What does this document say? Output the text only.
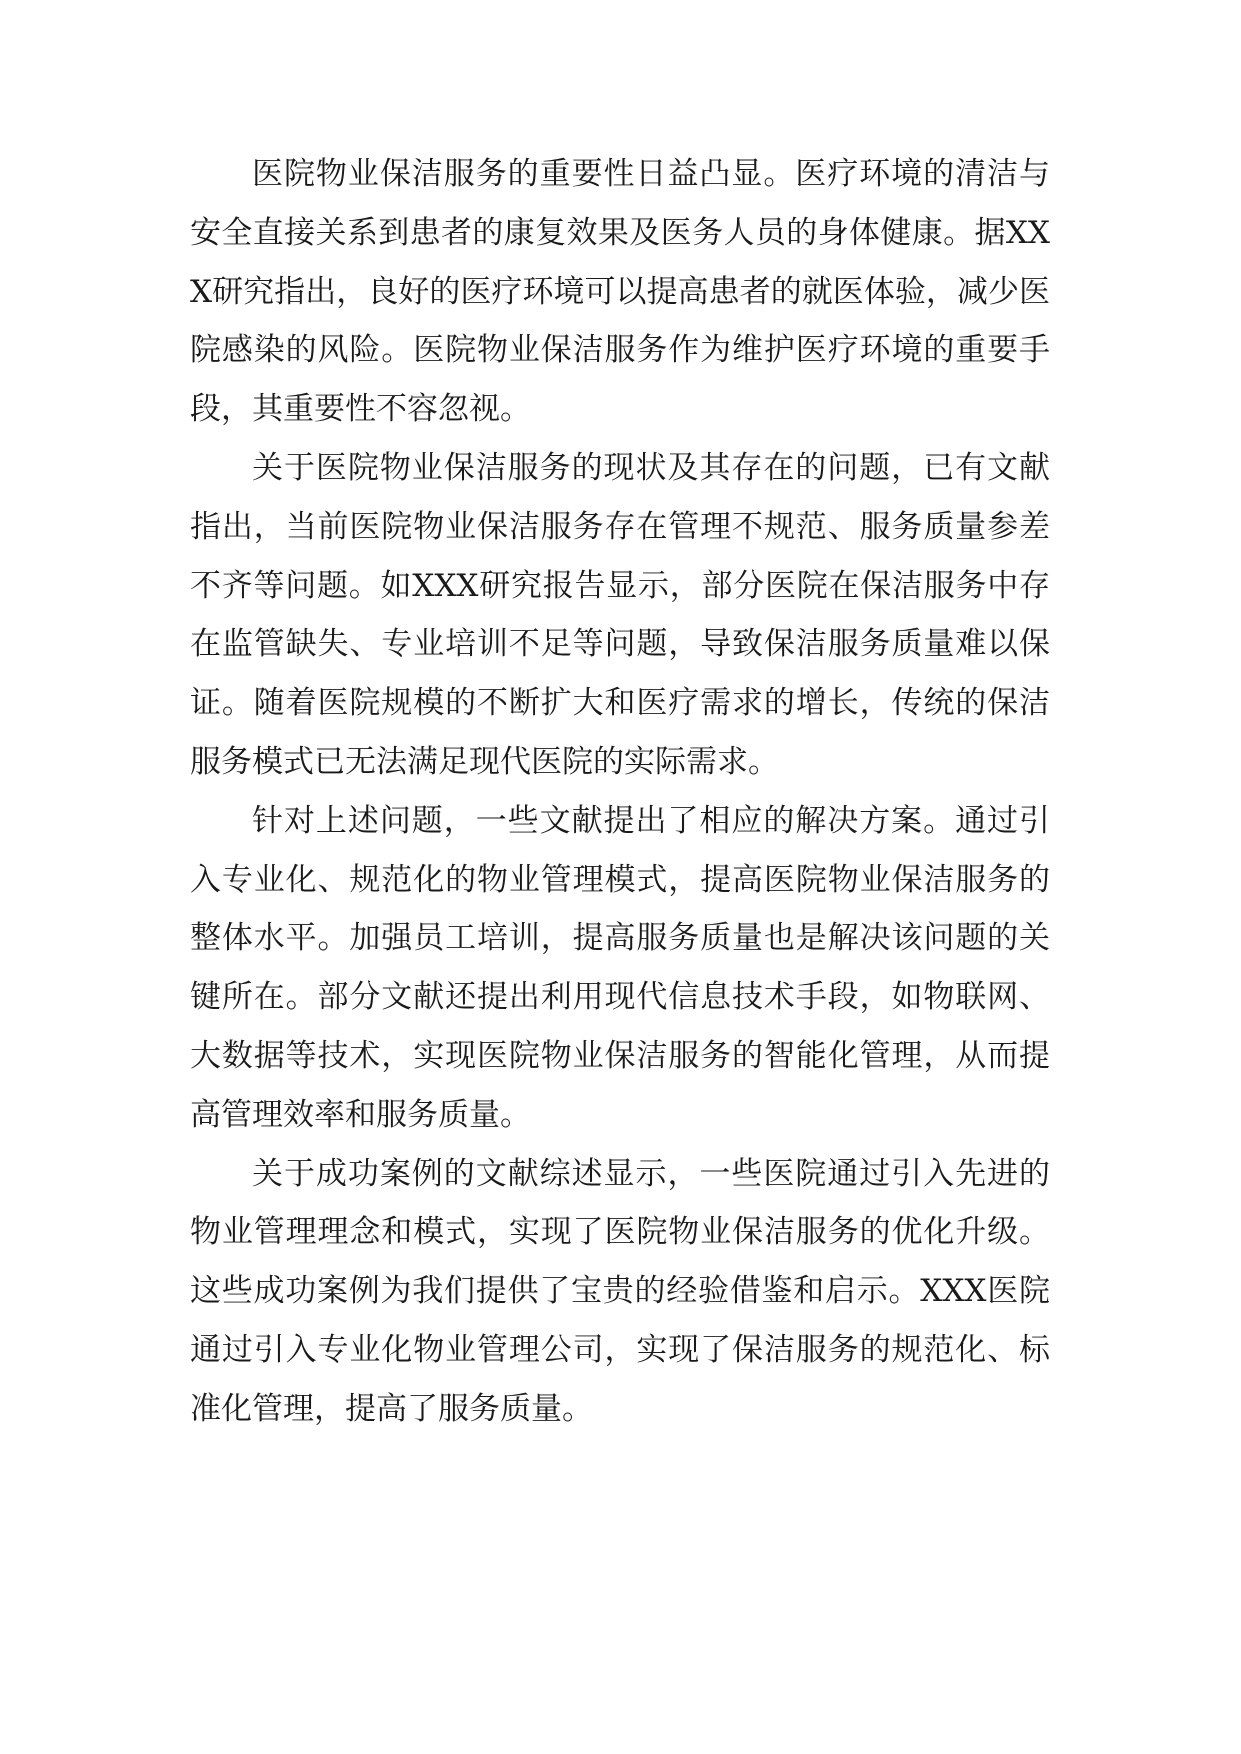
医院物业保洁服务的重要性日益凸显。医疗环境的清洁与安全直接关系到患者的康复效果及医务人员的身体健康。据XXX研究指出，良好的医疗环境可以提高患者的就医体验，减少医院感染的风险。医院物业保洁服务作为维护医疗环境的重要手段，其重要性不容忽视。

关于医院物业保洁服务的现状及其存在的问题，已有文献指出，当前医院物业保洁服务存在管理不规范、服务质量参差不齐等问题。如XXX研究报告显示，部分医院在保洁服务中存在监管缺失、专业培训不足等问题，导致保洁服务质量难以保证。随着医院规模的不断扩大和医疗需求的增长，传统的保洁服务模式已无法满足现代医院的实际需求。

针对上述问题，一些文献提出了相应的解决方案。通过引入专业化、规范化的物业管理模式，提高医院物业保洁服务的整体水平。加强员工培训，提高服务质量也是解决该问题的关键所在。部分文献还提出利用现代信息技术手段，如物联网、大数据等技术，实现医院物业保洁服务的智能化管理，从而提高管理效率和服务质量。

关于成功案例的文献综述显示，一些医院通过引入先进的物业管理理念和模式，实现了医院物业保洁服务的优化升级。这些成功案例为我们提供了宝贵的经验借鉴和启示。XXX医院通过引入专业化物业管理公司，实现了保洁服务的规范化、标准化管理，提高了服务质量。
